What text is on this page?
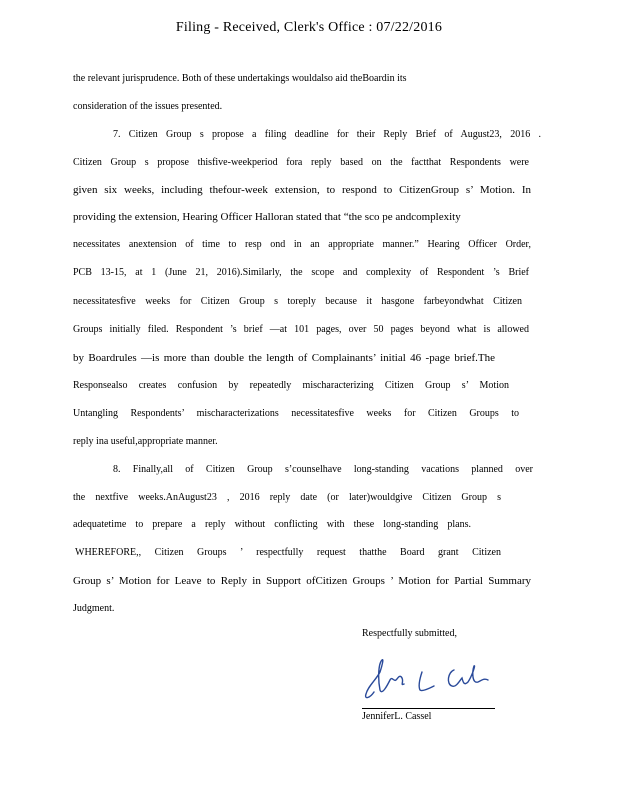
Filing - Received, Clerk's Office : 07/22/2016
the relevant jurisprudence. Both of these undertakings wouldalso aid theBoardin its
consideration of the issues presented.
7. Citizen Group s propose a filing deadline for their Reply Brief of August23, 2016 .
Citizen Group s propose thisfive-weekperiod fora reply based on the factthat Respondents were
given six weeks, including thefour-week extension, to respond to CitizenGroup s’ Motion. In
providing the extension, Hearing Officer Halloran stated that “the sco pe andcomplexity
necessitates anextension of time to resp ond in an appropriate manner.” Hearing Officer Order,
PCB 13-15, at 1 (June 21, 2016).Similarly, the scope and complexity of Respondent ’s Brief
necessitatesfive weeks for Citizen Group s toreply because it hasgone farbeyondwhat Citizen
Groups initially filed. Respondent ’s brief —at 101 pages, over 50 pages beyond what is allowed
by Boardrules —is more than double the length of Complainants’ initial 46 -page brief.The
Responsealso creates confusion by repeatedly mischaracterizing Citizen Group s’ Motion
Untangling Respondents’ mischaracterizations necessitatesfive weeks for Citizen Groups to
reply ina useful,appropriate manner.
8. Finally,all of Citizen Group s’counselhave long-standing vacations planned over
the nextfive weeks.AnAugust23 , 2016 reply date (or later)wouldgive Citizen Group s
adequatetime to prepare a reply without conflicting with these long-standing plans.
WHEREFORE,, Citizen Groups ’ respectfully request thatthe Board grant Citizen
Group s’ Motion for Leave to Reply in Support ofCitizen Groups ’ Motion for Partial Summary
Judgment.
Respectfully submitted,
JenniferL. Cassel
